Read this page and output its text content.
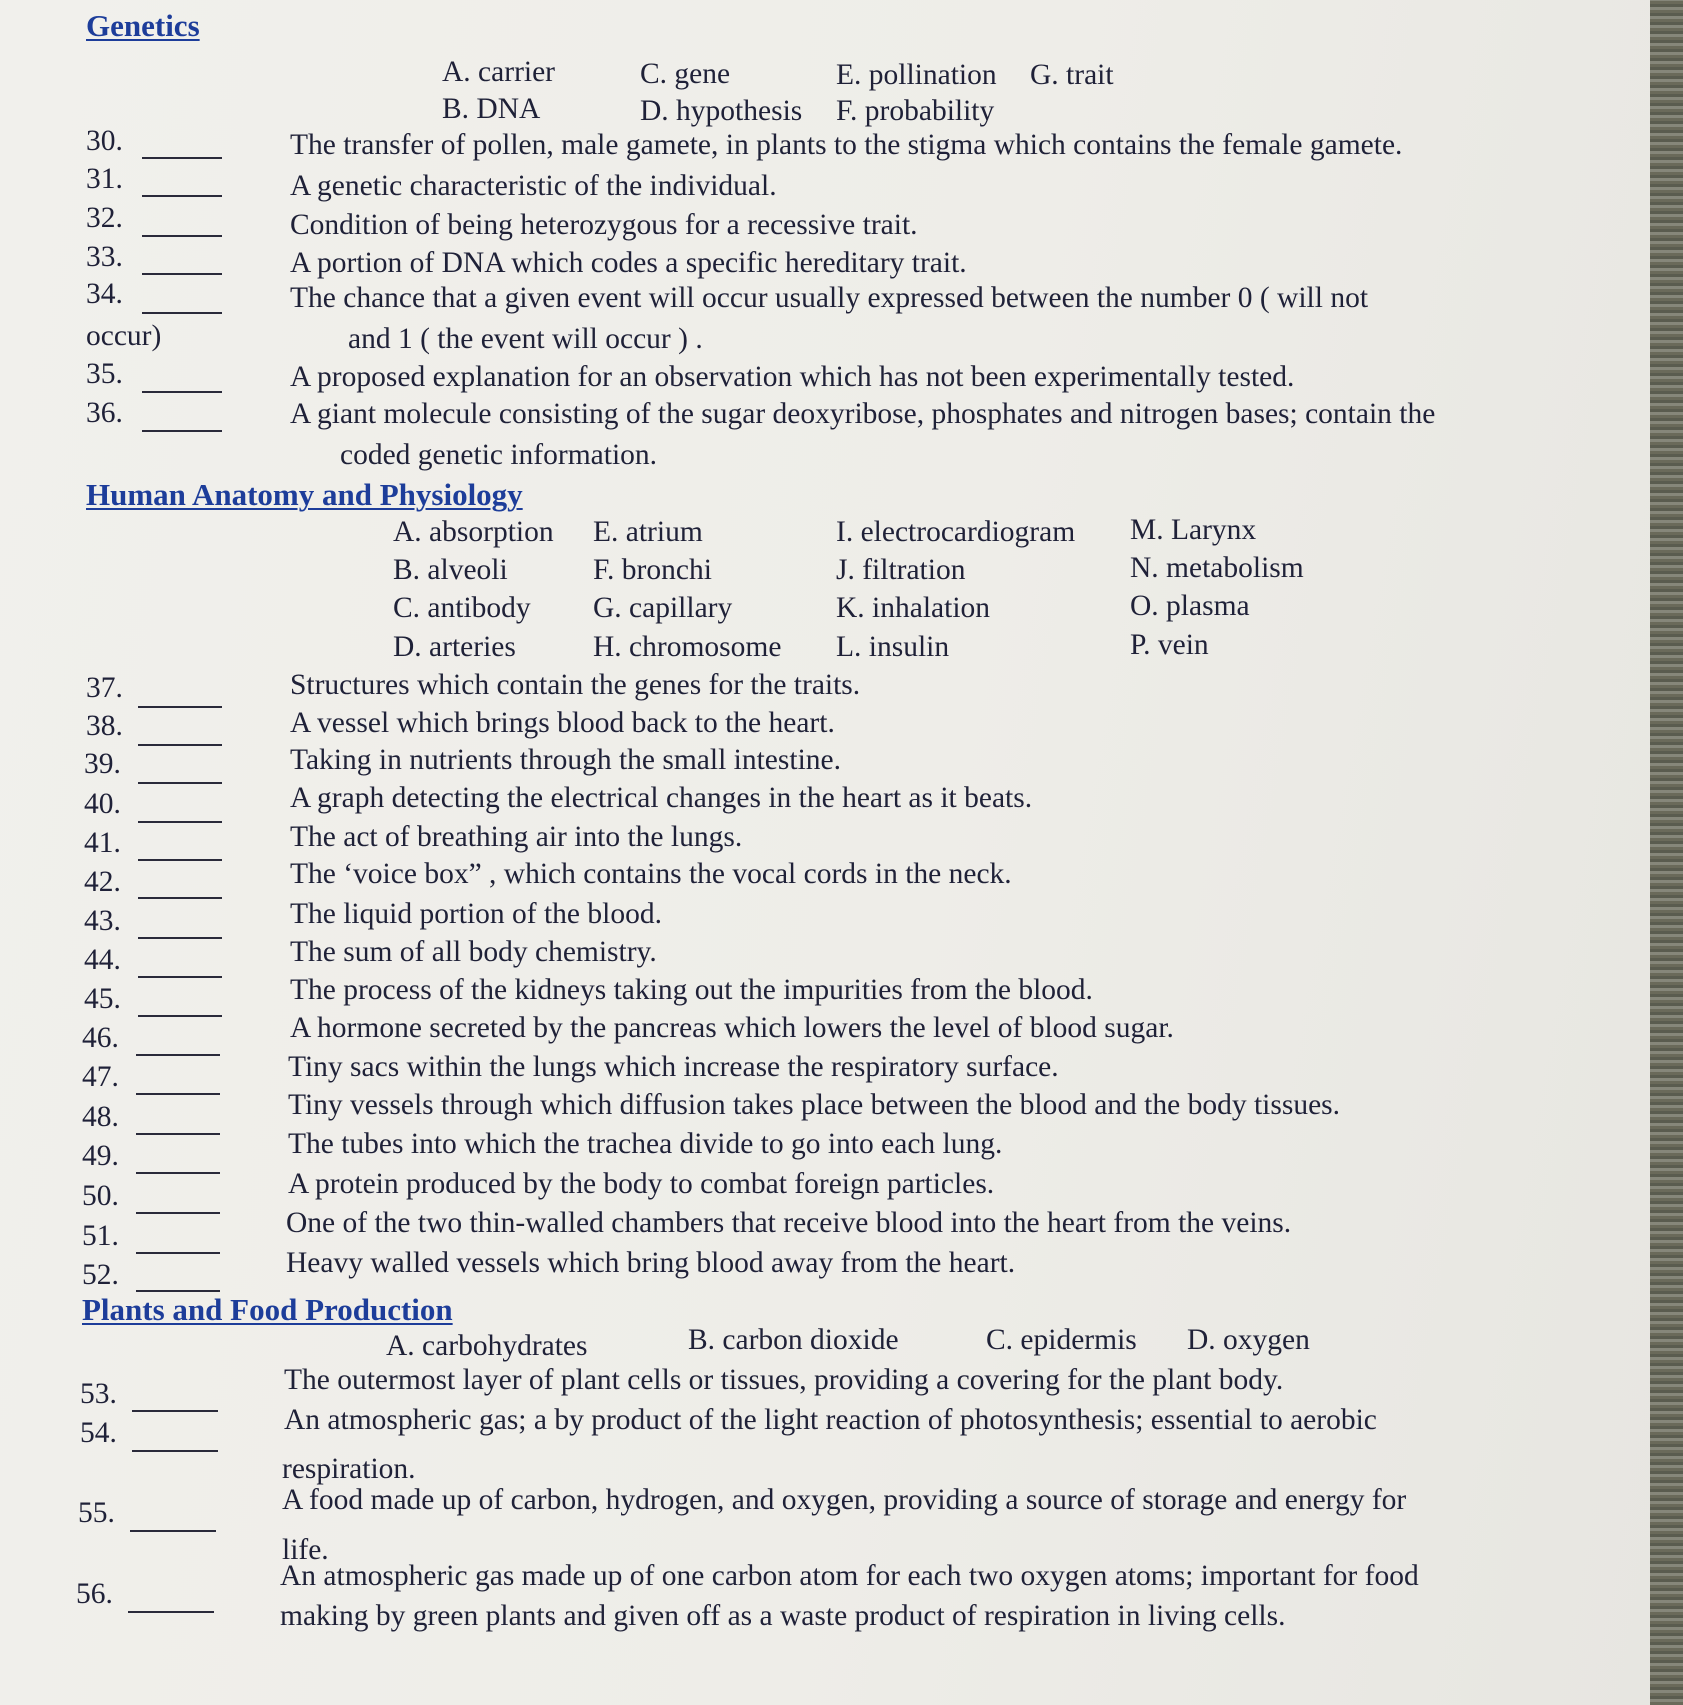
Genetics
A. carrier	C. gene	E. pollination G. trait
B. DNA	D. hypothesis F. probability
30.	The transfer of pollen, male gamete, in plants to the stigma which contains the female gamete.
31.	A genetic characteristic of the individual.
32.	Condition of being heterozygous for a recessive trait.
33.	A portion of DNA which codes a specific hereditary trait.
34.	The chance that a given event will occur usually expressed between the number 0 ( will not
occur)	and 1 ( the event will occur ) .
35.	A proposed explanation for an observation which has not been experimentally tested.
36.	A giant molecule consisting of the sugar deoxyribose, phosphates and nitrogen bases; contain the
coded genetic information.
Human Anatomy and Physiology
A. absorption E. atrium	I. electrocardiogram M. Larynx
B. alveoli	F. bronchi	J. filtration	N. metabolism
C. antibody G. capillary	K. inhalation	O. plasma
D. arteries	H. chromosome L. insulin	P. vein
37.	Structures which contain the genes for the traits.
38.	A vessel which brings blood back to the heart.
39.	Taking in nutrients through the small intestine.
40.	A graph detecting the electrical changes in the heart as it beats.
41.	The act of breathing air into the lungs.
42.	The ‘voice box” , which contains the vocal cords in the neck.
43.	The liquid portion of the blood.
44.	The sum of all body chemistry.
45.	The process of the kidneys taking out the impurities from the blood.
46.	A hormone secreted by the pancreas which lowers the level of blood sugar.
47.	Tiny sacs within the lungs which increase the respiratory surface.
48.	Tiny vessels through which diffusion takes place between the blood and the body tissues.
49.	The tubes into which the trachea divide to go into each lung.
50.	A protein produced by the body to combat foreign particles.
51.	One of the two thin-walled chambers that receive blood into the heart from the veins.
52.	Heavy walled vessels which bring blood away from the heart.
Plants and Food Production
A. carbohydrates	B. carbon dioxide	C. epidermis D. oxygen
53.	The outermost layer of plant cells or tissues, providing a covering for the plant body.
54.	An atmospheric gas; a by product of the light reaction of photosynthesis; essential to aerobic
respiration.
55.	A food made up of carbon, hydrogen, and oxygen, providing a source of storage and energy for
life.
56.
An atmospheric gas made up of one carbon atom for each two oxygen atoms; important for food
making by green plants and given off as a waste product of respiration in living cells.
